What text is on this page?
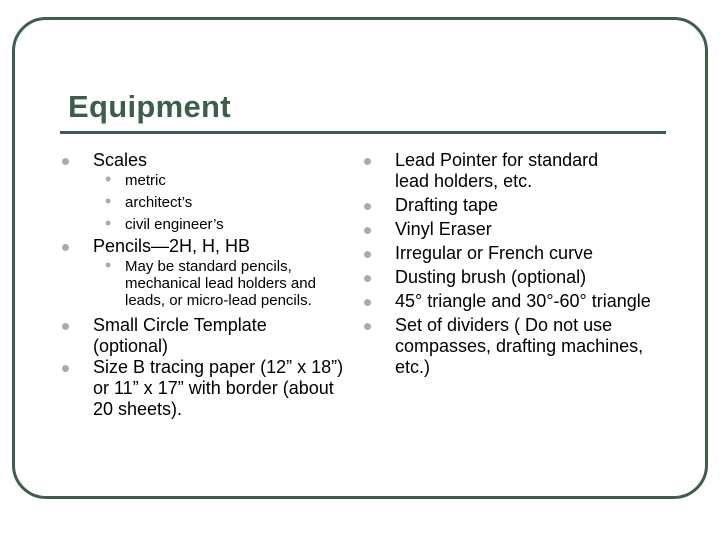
Equipment
Scales
• metric
• architect’s
• civil engineer’s
Pencils—2H, H, HB
• May be standard pencils, mechanical lead holders and leads, or micro-lead pencils.
Small Circle Template (optional)
Size B tracing paper (12” x 18”) or 11” x 17” with border (about 20 sheets).
Lead Pointer for standard lead holders, etc.
Drafting tape
Vinyl Eraser
Irregular or French curve
Dusting brush (optional)
45° triangle and 30°-60° triangle
Set of dividers ( Do not use compasses, drafting machines, etc.)
